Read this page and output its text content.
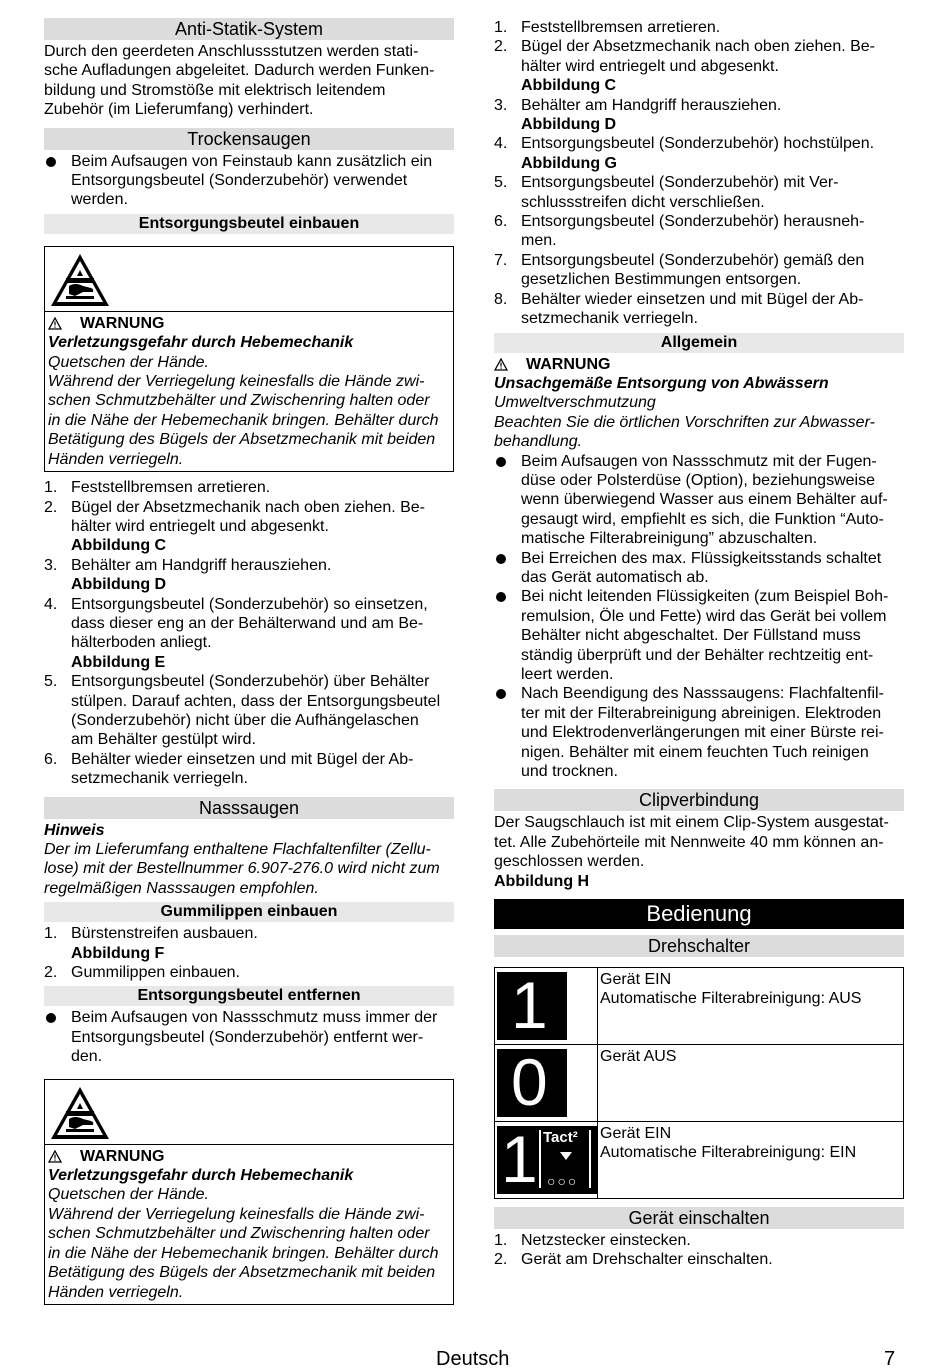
Anti-Statik-System

Durch den geerdeten Anschlussstutzen werden stati-
sche Aufladungen abgeleitet. Dadurch werden Funken-
bildung und Stromstöße mit elektrisch leitendem
Zubehör (im Lieferumfang) verhindert.

Trockensaugen
Beim Aufsaugen von Feinstaub kann zusätzlich ein
Entsorgungsbeutel (Sonderzubehör) verwendet
werden.
Entsorgungsbeutel einbauen
WARNUNG

Verletzungsgefahr durch Hebemechanik

Quetschen der Hände.

Während der Verriegelung keinesfalls die Hände zwi-
schen Schmutzbehälter und Zwischenring halten oder
in die Nähe der Hebemechanik bringen. Behälter durch
Betätigung des Bügels der Absetzmechanik mit beiden
Händen verriegeln.

1. Feststellbremsen arretieren.
2. Bügel der Absetzmechanik nach oben ziehen. Be-
hälter wird entriegelt und abgesenkt.
Abbildung C
3. Behälter am Handgriff herausziehen.
Abbildung D
4. Entsorgungsbeutel (Sonderzubehör) so einsetzen,
dass dieser eng an der Behälterwand und am Be-
hälterboden anliegt.
Abbildung E
5. Entsorgungsbeutel (Sonderzubehör) über Behälter
stülpen. Darauf achten, dass der Entsorgungsbeutel
(Sonderzubehör) nicht über die Aufhängelaschen
am Behälter gestülpt wird.
6. Behälter wieder einsetzen und mit Bügel der Ab-
setzmechanik verriegeln.
Nasssaugen

Hinweis

Der im Lieferumfang enthaltene Flachfaltenfilter (Zellu-
lose) mit der Bestellnummer 6.907-276.0 wird nicht zum
regelmäßigen Nasssaugen empfohlen.

Gummilippen einbauen
1. Bürstenstreifen ausbauen.
Abbildung F
2. Gummilippen einbauen.
Entsorgungsbeutel entfernen
Beim Aufsaugen von Nassschmutz muss immer der
Entsorgungsbeutel (Sonderzubehör) entfernt wer-
den.
WARNUNG

Verletzungsgefahr durch Hebemechanik

Quetschen der Hände.

Während der Verriegelung keinesfalls die Hände zwi-
schen Schmutzbehälter und Zwischenring halten oder
in die Nähe der Hebemechanik bringen. Behälter durch
Betätigung des Bügels der Absetzmechanik mit beiden
Händen verriegeln.

1. Feststellbremsen arretieren.
2. Bügel der Absetzmechanik nach oben ziehen. Be-
hälter wird entriegelt und abgesenkt.
Abbildung C
3. Behälter am Handgriff herausziehen.
Abbildung D
4. Entsorgungsbeutel (Sonderzubehör) hochstülpen.
Abbildung G
5. Entsorgungsbeutel (Sonderzubehör) mit Ver-
schlussstreifen dicht verschließen.
6. Entsorgungsbeutel (Sonderzubehör) herausneh-
men.
7. Entsorgungsbeutel (Sonderzubehör) gemäß den
gesetzlichen Bestimmungen entsorgen.
8. Behälter wieder einsetzen und mit Bügel der Ab-
setzmechanik verriegeln.
Allgemein
WARNUNG

Unsachgemäße Entsorgung von Abwässern

Umweltverschmutzung

Beachten Sie die örtlichen Vorschriften zur Abwasser-
behandlung.

Beim Aufsaugen von Nassschmutz mit der Fugen-
düse oder Polsterdüse (Option), beziehungsweise
wenn überwiegend Wasser aus einem Behälter auf-
gesaugt wird, empfiehlt es sich, die Funktion “Auto-
matische Filterabreinigung” abzuschalten.
Bei Erreichen des max. Flüssigkeitsstands schaltet
das Gerät automatisch ab.
Bei nicht leitenden Flüssigkeiten (zum Beispiel Boh-
remulsion, Öle und Fette) wird das Gerät bei vollem
Behälter nicht abgeschaltet. Der Füllstand muss
ständig überprüft und der Behälter rechtzeitig ent-
leert werden.
Nach Beendigung des Nasssaugens: Flachfaltenfil-
ter mit der Filterabreinigung abreinigen. Elektroden
und Elektrodenverlängerungen mit einer Bürste rei-
nigen. Behälter mit einem feuchten Tuch reinigen
und trocknen.
Clipverbindung

Der Saugschlauch ist mit einem Clip-System ausgestat-
tet. Alle Zubehörteile mit Nennweite 40 mm können an-
geschlossen werden.

Abbildung H

Bedienung
Drehschalter
1	Gerät EIN
Automatische Filterabreinigung: AUS

0	Gerät AUS

1 Tact²
○○○	Gerät EIN
Automatische Filterabreinigung: EIN
Gerät einschalten
1. Netzstecker einstecken.
2. Gerät am Drehschalter einschalten.
Deutsch	7
